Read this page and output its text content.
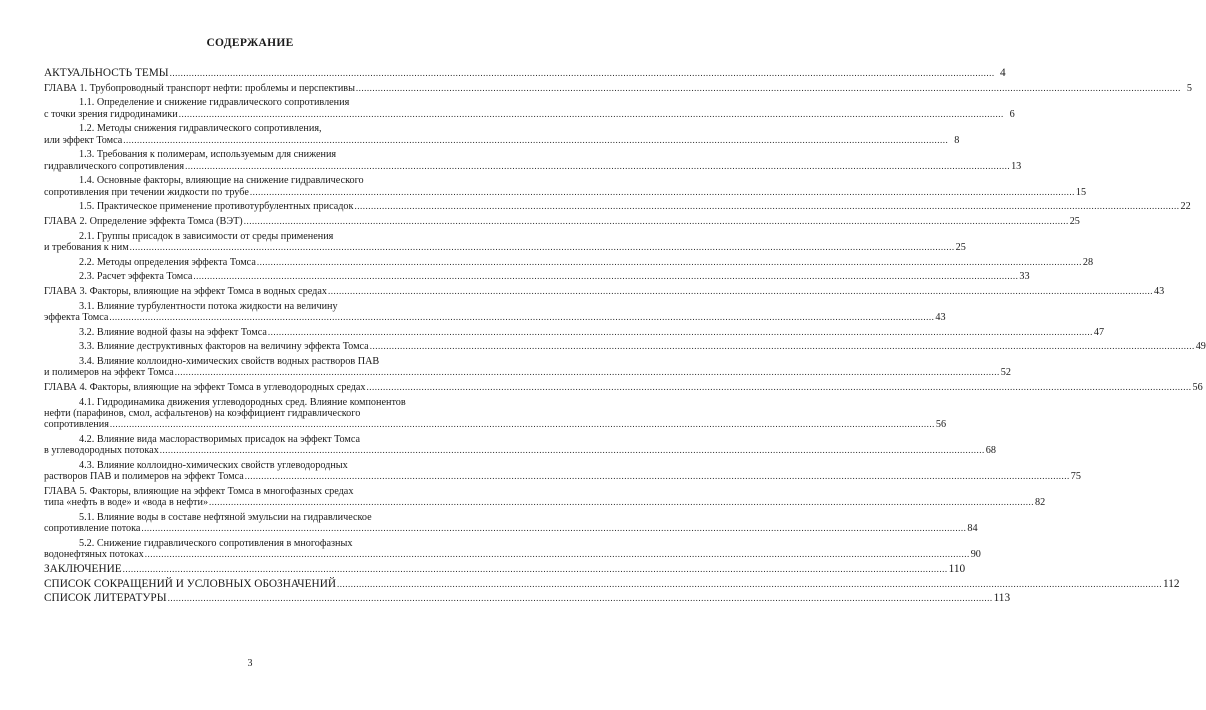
СОДЕРЖАНИЕ
АКТУАЛЬНОСТЬ ТЕМЫ ............................................................................................................................................................................................................................................................................................................ 4
ГЛАВА 1. Трубопроводный транспорт нефти: проблемы и перспективы ............................................................................................................................................................................................................................................................................................................ 5
1.1. Определение и снижение гидравлического сопротивления
с точки зрения гидродинамики ............................................................................................................................................................................................................................................................................................................ 6
1.2. Методы снижения гидравлического сопротивления,
или эффект Томса ............................................................................................................................................................................................................................................................................................................ 8
1.3. Требования к полимерам, используемым для снижения
гидравлического сопротивления ............................................................................................................................................................................................................................................................................................................ 13
1.4. Основные факторы, влияющие на снижение гидравлического
сопротивления при течении жидкости по трубе ............................................................................................................................................................................................................................................................................................................ 15
1.5. Практическое применение противотурбулентных присадок ............................................................................................................................................................................................................................................................................................................ 22
ГЛАВА 2. Определение эффекта Томса (ВЭТ) ............................................................................................................................................................................................................................................................................................................ 25
2.1. Группы присадок в зависимости от среды применения
и требования к ним ............................................................................................................................................................................................................................................................................................................ 25
2.2. Методы определения эффекта Томса ............................................................................................................................................................................................................................................................................................................ 28
2.3. Расчет эффекта Томса ............................................................................................................................................................................................................................................................................................................ 33
ГЛАВА 3. Факторы, влияющие на эффект Томса в водных средах ............................................................................................................................................................................................................................................................................................................ 43
3.1. Влияние турбулентности потока жидкости на величину
эффекта Томса ............................................................................................................................................................................................................................................................................................................ 43
3.2. Влияние водной фазы на эффект Томса ............................................................................................................................................................................................................................................................................................................ 47
3.3. Влияние деструктивных факторов на величину эффекта Томса ............................................................................................................................................................................................................................................................................................................ 49
3.4. Влияние коллоидно-химических свойств водных растворов ПАВ
и полимеров на эффект Томса ............................................................................................................................................................................................................................................................................................................ 52
ГЛАВА 4. Факторы, влияющие на эффект Томса в углеводородных средах ............................................................................................................................................................................................................................................................................................................ 56
4.1. Гидродинамика движения углеводородных сред. Влияние компонентов
нефти (парафинов, смол, асфальтенов) на коэффициент гидравлического
сопротивления ............................................................................................................................................................................................................................................................................................................ 56
4.2. Влияние вида маслорастворимых присадок на эффект Томса
в углеводородных потоках ............................................................................................................................................................................................................................................................................................................ 68
4.3. Влияние коллоидно-химических свойств углеводородных
растворов ПАВ и полимеров на эффект Томса ............................................................................................................................................................................................................................................................................................................ 75
ГЛАВА 5. Факторы, влияющие на эффект Томса в многофазных средах
типа «нефть в воде» и «вода в нефти» ............................................................................................................................................................................................................................................................................................................ 82
5.1. Влияние воды в составе нефтяной эмульсии на гидравлическое
сопротивление потока ............................................................................................................................................................................................................................................................................................................ 84
5.2. Снижение гидравлического сопротивления в многофазных
водонефтяных потоках ............................................................................................................................................................................................................................................................................................................ 90
ЗАКЛЮЧЕНИЕ ............................................................................................................................................................................................................................................................................................................ 110
СПИСОК СОКРАЩЕНИЙ И УСЛОВНЫХ ОБОЗНАЧЕНИЙ ............................................................................................................................................................................................................................................................................................................ 112
СПИСОК ЛИТЕРАТУРЫ ............................................................................................................................................................................................................................................................................................................ 113
3
